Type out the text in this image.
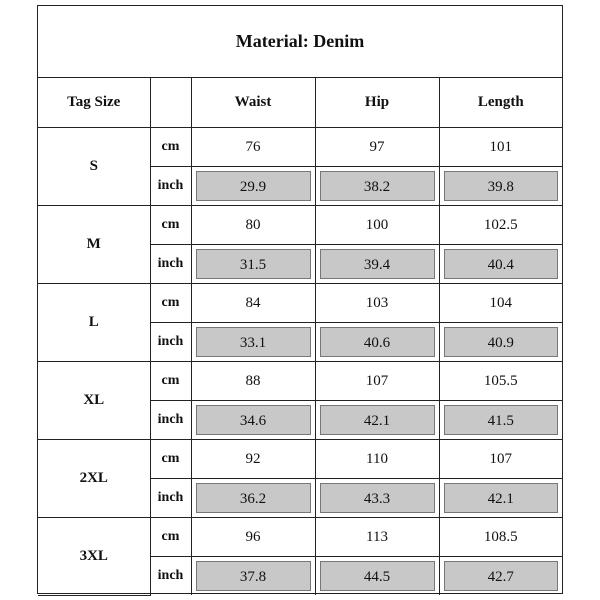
Material: Denim
Tag Size		Waist	Hip	Length
S	cm	76	97	101
	inch	29.9	38.2	39.8

M	cm	80	100	102.5
	inch	31.5	39.4	40.4

L	cm	84	103	104
	inch	33.1	40.6	40.9

XL	cm	88	107	105.5
	inch	34.6	42.1	41.5

2XL	cm	92	110	107
	inch	36.2	43.3	42.1

3XL	cm	96	113	108.5
	inch	37.8	44.5	42.7
